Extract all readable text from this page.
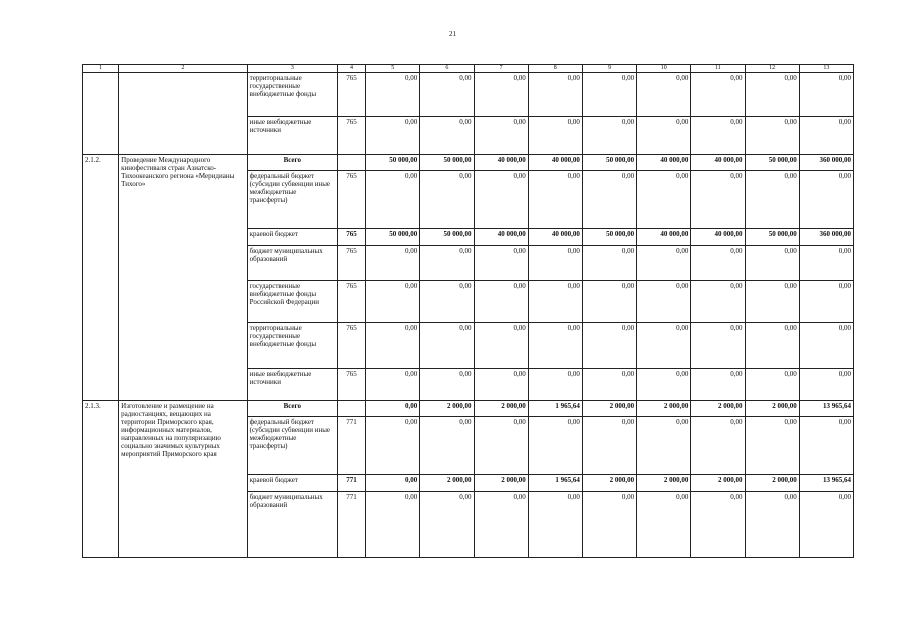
21
1	2	3	4	5	6	7	8	9	10	11	12	13
		территориальные государственные внебюджетные фонды	765	0,00	0,00	0,00	0,00	0,00	0,00	0,00	0,00	0,00
		иные внебюджетные источники	765	0,00	0,00	0,00	0,00	0,00	0,00	0,00	0,00	0,00
2.1.2.	Проведение Международного кинофестиваля стран Азиатско- Тихоокеанского региона «Меридианы Тихого»	Всего		50 000,00	50 000,00	40 000,00	40 000,00	50 000,00	40 000,00	40 000,00	50 000,00	360 000,00
		федеральный бюджет (субсидии субвенции иные межбюджетные трансферты)	765	0,00	0,00	0,00	0,00	0,00	0,00	0,00	0,00	0,00
		краевой бюджет	765	50 000,00	50 000,00	40 000,00	40 000,00	50 000,00	40 000,00	40 000,00	50 000,00	360 000,00
		бюджет муниципальных образований	765	0,00	0,00	0,00	0,00	0,00	0,00	0,00	0,00	0,00
		государственные внебюджетные фонды Российской Федерации	765	0,00	0,00	0,00	0,00	0,00	0,00	0,00	0,00	0,00
		территориальные государственные внебюджетные фонды	765	0,00	0,00	0,00	0,00	0,00	0,00	0,00	0,00	0,00
		иные внебюджетные источники	765	0,00	0,00	0,00	0,00	0,00	0,00	0,00	0,00	0,00
2.1.3.	Изготовление и размещение на радиостанциях, вещающих на территории Приморского края, информационных материалов, направленных на популяризацию социально значимых культурных мероприятий Приморского края	Всего		0,00	2 000,00	2 000,00	1 965,64	2 000,00	2 000,00	2 000,00	2 000,00	13 965,64
		федеральный бюджет (субсидии субвенции иные межбюджетные трансферты)	771	0,00	0,00	0,00	0,00	0,00	0,00	0,00	0,00	0,00
		краевой бюджет	771	0,00	2 000,00	2 000,00	1 965,64	2 000,00	2 000,00	2 000,00	2 000,00	13 965,64
		бюджет муниципальных образований	771	0,00	0,00	0,00	0,00	0,00	0,00	0,00	0,00	0,00
